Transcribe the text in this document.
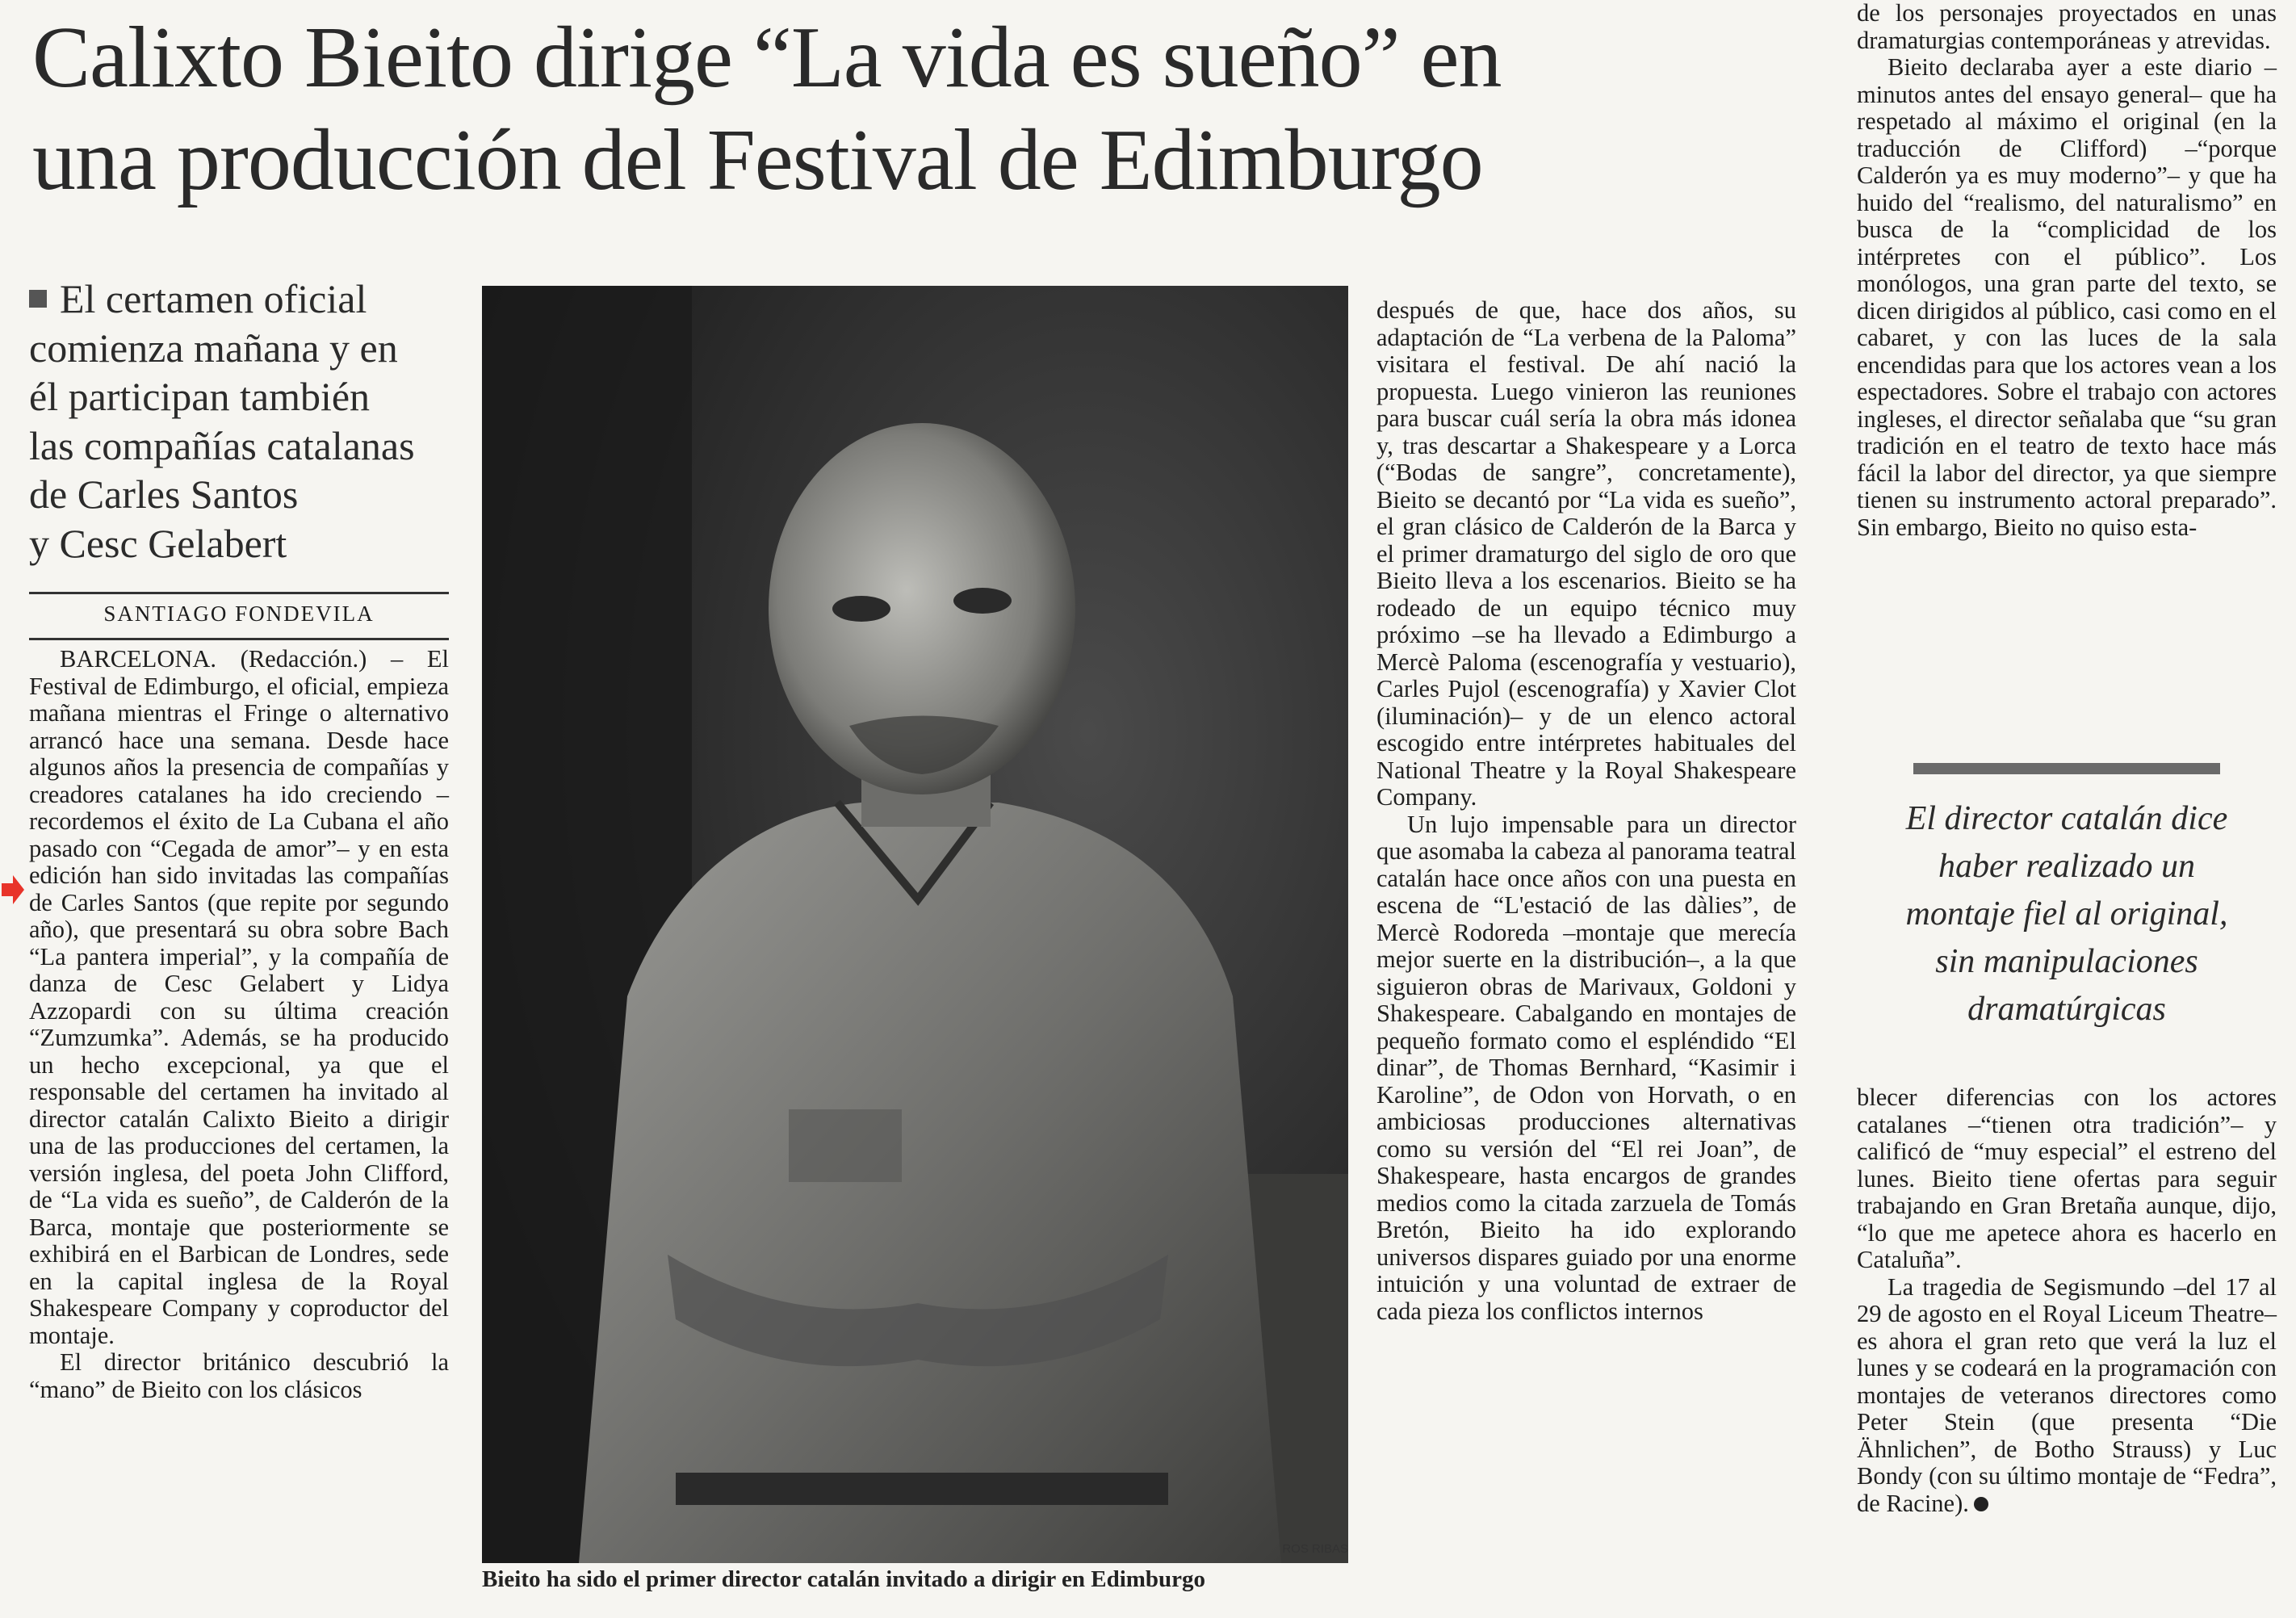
Calixto Bieito dirige “La vida es sueño” en
una producción del Festival de Edimburgo
El certamen oficial
comienza mañana y en
él participan también
las compañías catalanas
de Carles Santos
y Cesc Gelabert
SANTIAGO FONDEVILA

BARCELONA. (Redacción.) – El Festival de Edimburgo, el oficial, empieza mañana mientras el Fringe o alternativo arrancó hace una semana. Desde hace algunos años la presencia de compañías y creadores catalanes ha ido creciendo –recordemos el éxito de La Cubana el año pasado con “Cegada de amor”– y en esta edición han sido invitadas las compañías de Carles Santos (que repite por segundo año), que presentará su obra sobre Bach “La pantera imperial”, y la compañía de danza de Cesc Gelabert y Lidya Azzopardi con su última creación “Zumzumka”. Además, se ha producido un hecho excepcional, ya que el responsable del certamen ha invitado al director catalán Calixto Bieito a dirigir una de las producciones del certamen, la versión inglesa, del poeta John Clifford, de “La vida es sueño”, de Calderón de la Barca, montaje que posteriormente se exhibirá en el Barbican de Londres, sede en la capital inglesa de la Royal Shakespeare Company y coproductor del montaje.

El director británico descubrió la “mano” de Bieito con los clásicos

ROS RIBAS
Bieito ha sido el primer director catalán invitado a dirigir en Edimburgo

después de que, hace dos años, su adaptación de “La verbena de la Paloma” visitara el festival. De ahí nació la propuesta. Luego vinieron las reuniones para buscar cuál sería la obra más idonea y, tras descartar a Shakespeare y a Lorca (“Bodas de sangre”, concretamente), Bieito se decantó por “La vida es sueño”, el gran clásico de Calderón de la Barca y el primer dramaturgo del siglo de oro que Bieito lleva a los escenarios. Bieito se ha rodeado de un equipo técnico muy próximo –se ha llevado a Edimburgo a Mercè Paloma (escenografía y vestuario), Carles Pujol (escenografía) y Xavier Clot (iluminación)– y de un elenco actoral escogido entre intérpretes habituales del National Theatre y la Royal Shakespeare Company.

Un lujo impensable para un director que asomaba la cabeza al panorama teatral catalán hace once años con una puesta en escena de “L'estació de las dàlies”, de Mercè Rodoreda –montaje que merecía mejor suerte en la distribución–, a la que siguieron obras de Marivaux, Goldoni y Shakespeare. Cabalgando en montajes de pequeño formato como el espléndido “El dinar”, de Thomas Bernhard, “Kasimir i Karoline”, de Odon von Horvath, o en ambiciosas producciones alternativas como su versión del “El rei Joan”, de Shakespeare, hasta encargos de grandes medios como la citada zarzuela de Tomás Bretón, Bieito ha ido explorando universos dispares guiado por una enorme intuición y una voluntad de extraer de cada pieza los conflictos internos

de los personajes proyectados en unas dramaturgias contemporáneas y atrevidas.

Bieito declaraba ayer a este diario –minutos antes del ensayo general– que ha respetado al máximo el original (en la traducción de Clifford) –“porque Calderón ya es muy moderno”– y que ha huido del “realismo, del naturalismo” en busca de la “complicidad de los intérpretes con el público”. Los monólogos, una gran parte del texto, se dicen dirigidos al público, casi como en el cabaret, y con las luces de la sala encendidas para que los actores vean a los espectadores. Sobre el trabajo con actores ingleses, el director señalaba que “su gran tradición en el teatro de texto hace más fácil la labor del director, ya que siempre tienen su instrumento actoral preparado”. Sin embargo, Bieito no quiso esta-

El director catalán dice
haber realizado un
montaje fiel al original,
sin manipulaciones
dramatúrgicas

blecer diferencias con los actores catalanes –“tienen otra tradición”– y calificó de “muy especial” el estreno del lunes. Bieito tiene ofertas para seguir trabajando en Gran Bretaña aunque, dijo, “lo que me apetece ahora es hacerlo en Cataluña”.

La tragedia de Segismundo –del 17 al 29 de agosto en el Royal Liceum Theatre– es ahora el gran reto que verá la luz el lunes y se codeará en la programación con montajes de veteranos directores como Peter Stein (que presenta “Die Ähnlichen”, de Botho Strauss) y Luc Bondy (con su último montaje de “Fedra”, de Racine).
